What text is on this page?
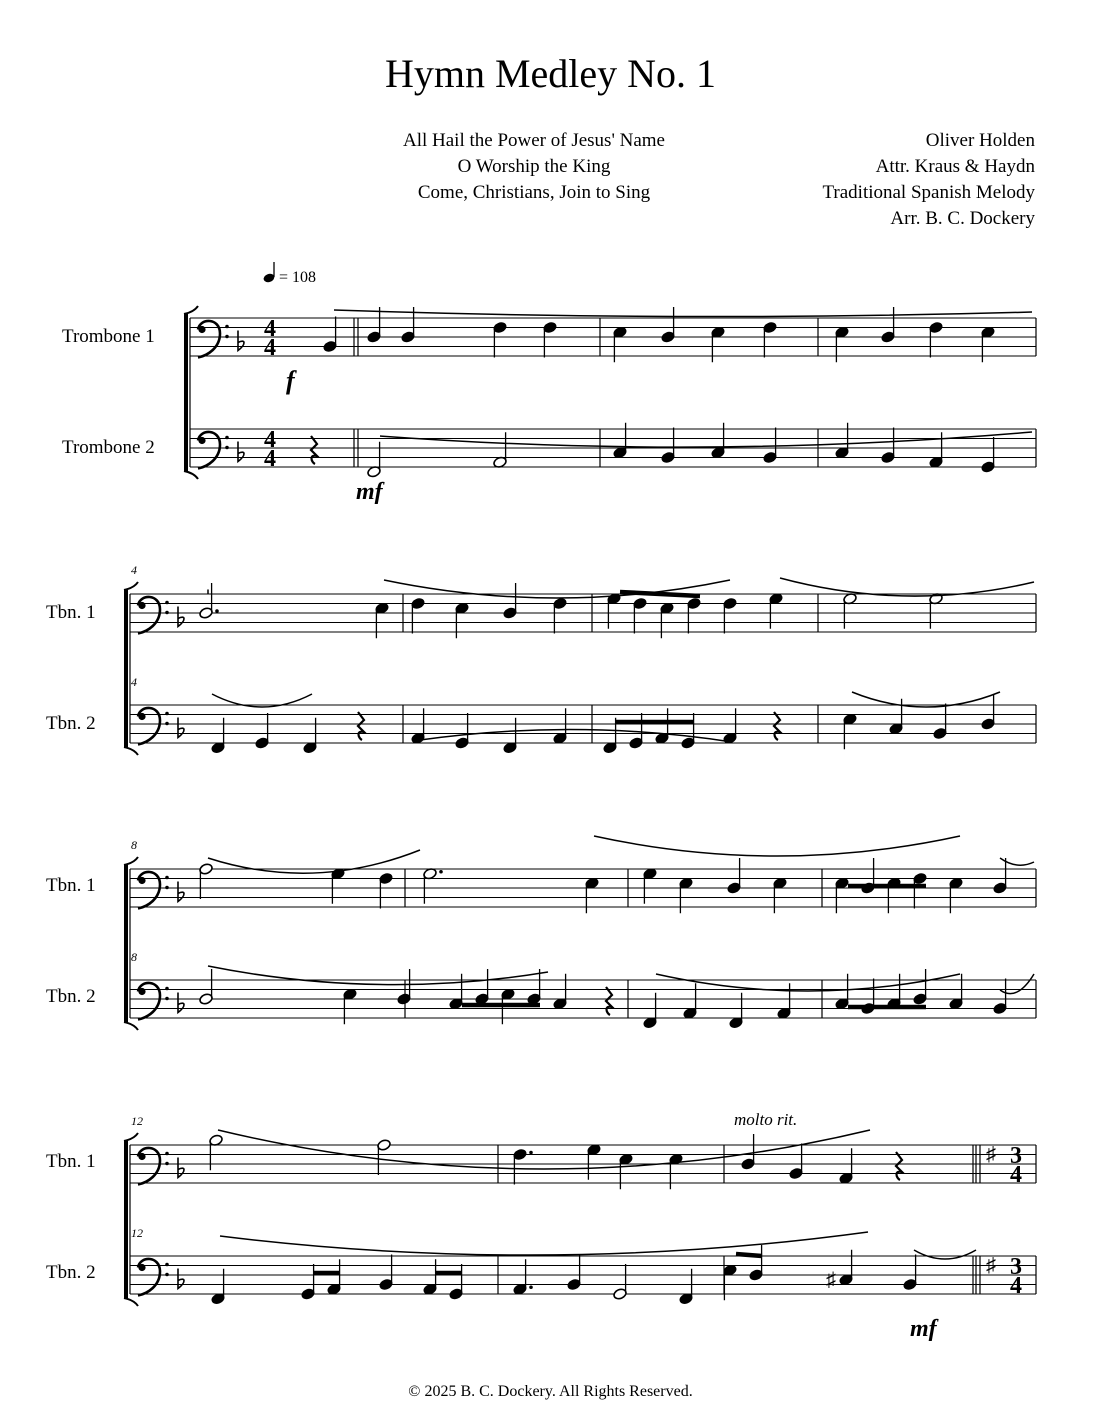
Hymn Medley No. 1
All Hail the Power of Jesus' Name
O Worship the King
Come, Christians, Join to Sing
Oliver Holden
Attr. Kraus & Haydn
Traditional Spanish Melody
Arr. B. C. Dockery
4
4
4
4
♯ 3
4
♯ 3
4
♯
= 108
Trombone 1
Trombone 2
Tbn. 1
Tbn. 2
Tbn. 1
Tbn. 2
Tbn. 1
Tbn. 2
4
4
8
8
12
12
f
mf
mf
molto rit.
© 2025 B. C. Dockery. All Rights Reserved.
